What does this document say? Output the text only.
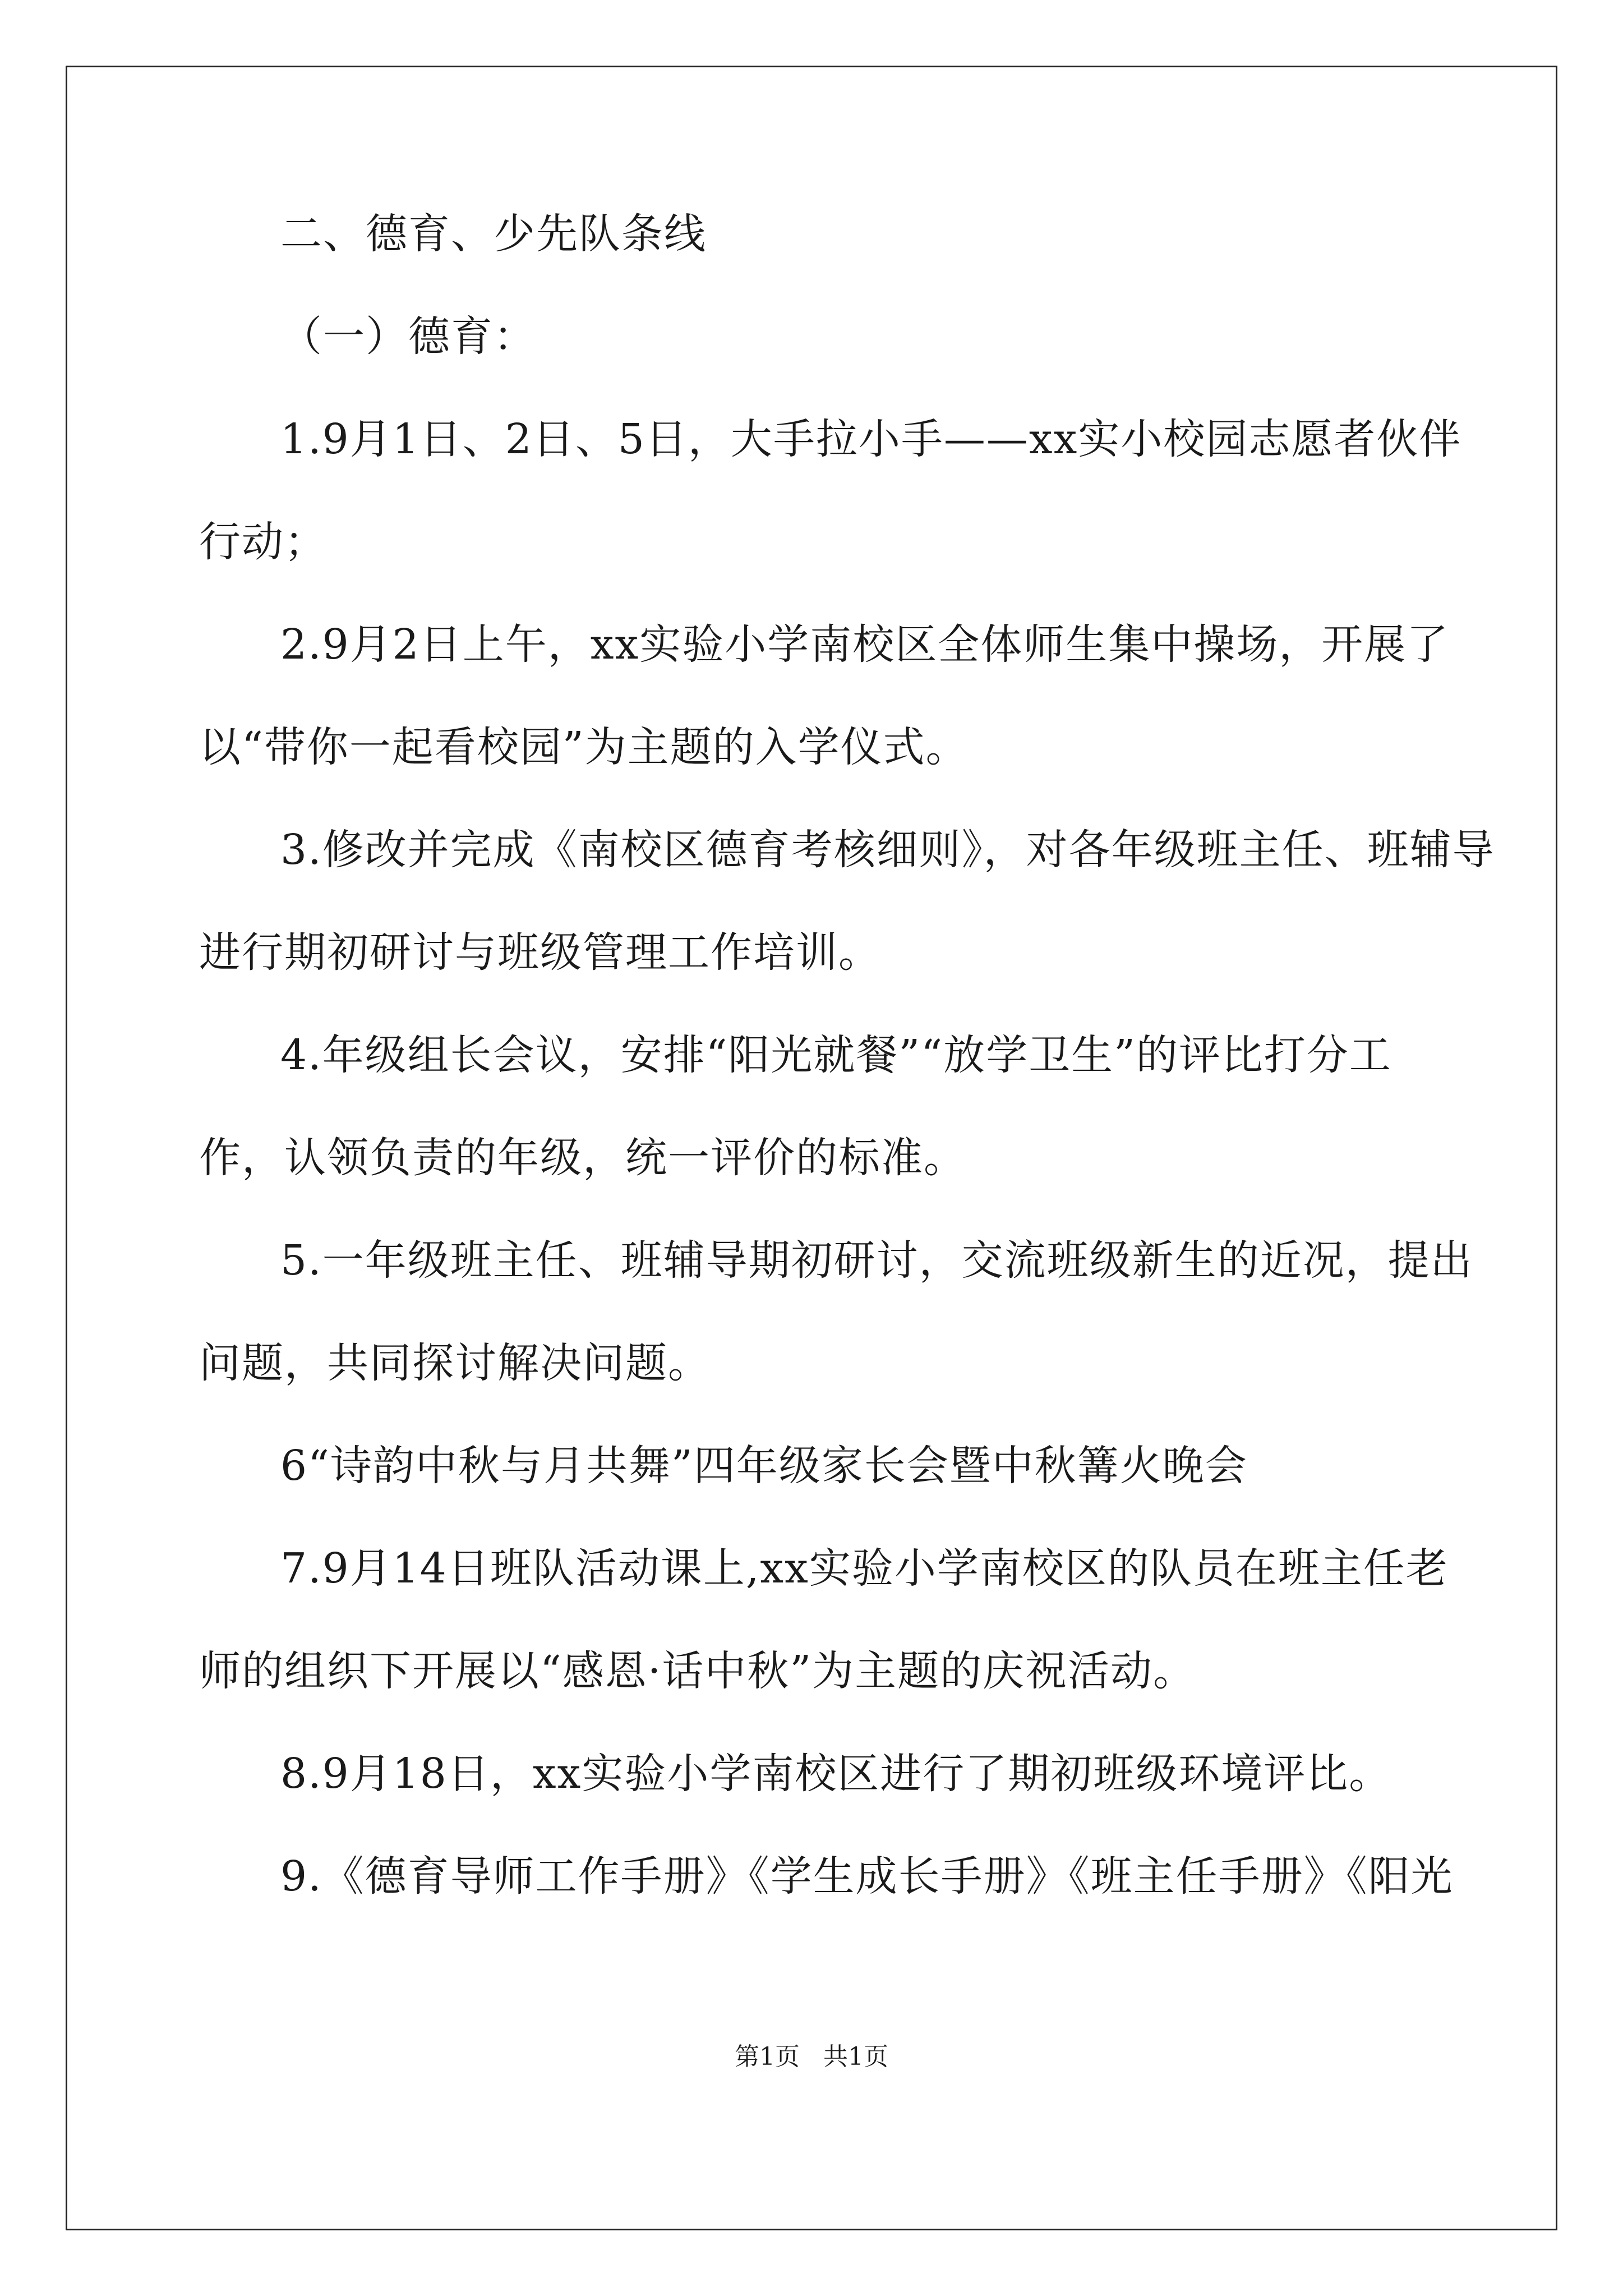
二、德育、少先队条线
（一）德育：
1.9月1日、2日、5日，大手拉小手——xx实小校园志愿者伙伴
行动；
2.9月2日上午，xx实验小学南校区全体师生集中操场，开展了
以“带你一起看校园”为主题的入学仪式。
3.修改并完成《南校区德育考核细则》，对各年级班主任、班辅导
进行期初研讨与班级管理工作培训。
4.年级组长会议，安排“阳光就餐”“放学卫生”的评比打分工
作，认领负责的年级，统一评价的标准。
5.一年级班主任、班辅导期初研讨，交流班级新生的近况，提出
问题，共同探讨解决问题。
6“诗韵中秋与月共舞”四年级家长会暨中秋篝火晚会
7.9月14日班队活动课上,xx实验小学南校区的队员在班主任老
师的组织下开展以“感恩·话中秋”为主题的庆祝活动。
8.9月18日，xx实验小学南校区进行了期初班级环境评比。
9.《德育导师工作手册》《学生成长手册》《班主任手册》《阳光
第1页   共1页
